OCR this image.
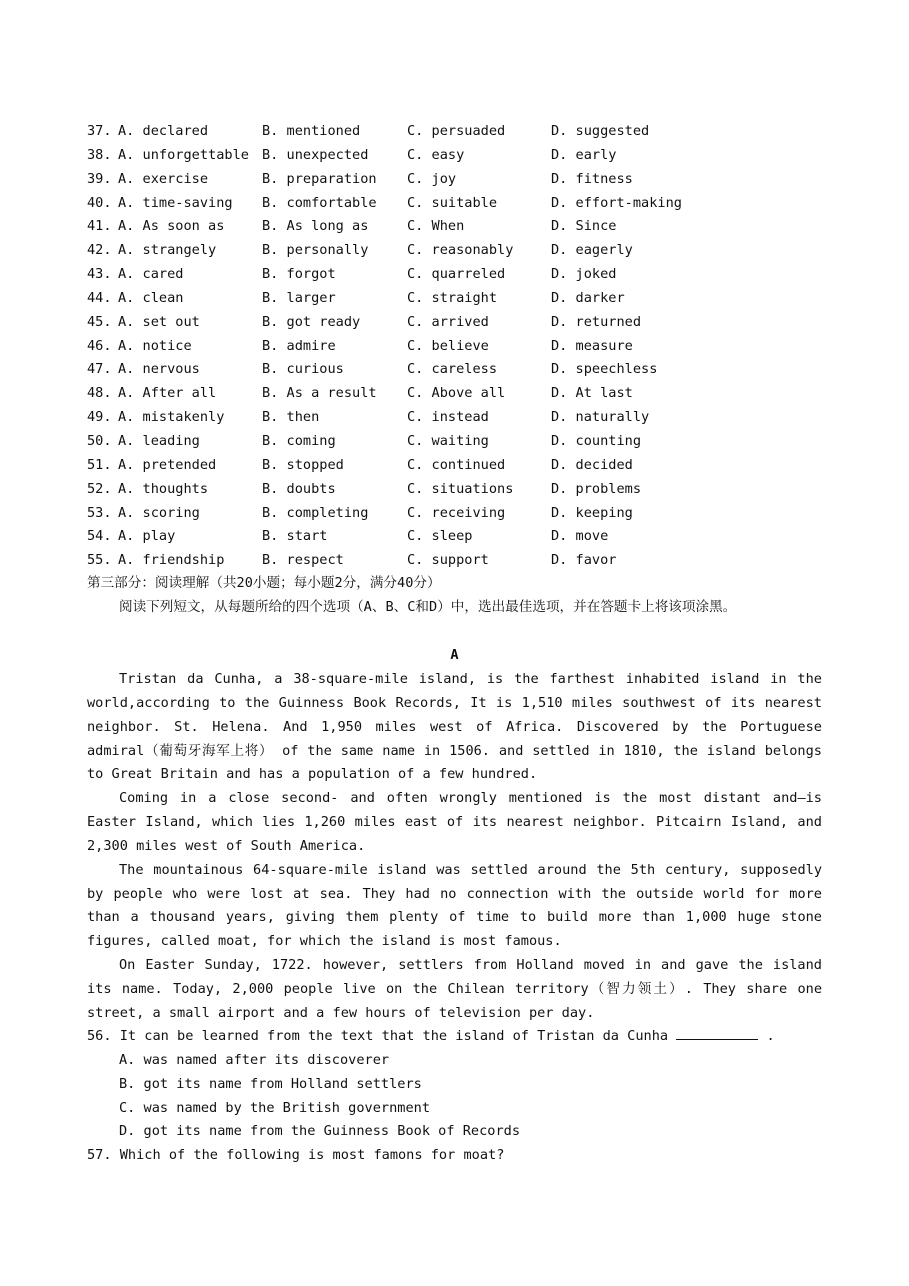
37. A. declared	B. mentioned	C. persuaded	D. suggested
38. A. unforgettable B. unexpected	C. easy	D. early
39. A. exercise	B. preparation C. joy	D. fitness
40. A. time-saving B. comfortable C. suitable	D. effort-making
41. A. As soon as	B. As long as	C. When	D. Since
42. A. strangely	B. personally	C. reasonably	D. eagerly
43. A. cared	B. forgot	C. quarreled	D. joked
44. A. clean	B. larger	C. straight	D. darker
45. A. set out	B. got ready	C. arrived	D. returned
46. A. notice	B. admire	C. believe	D. measure
47. A. nervous	B. curious	C. careless	D. speechless
48. A. After all	B. As a result C. Above all	D. At last
49. A. mistakenly	B. then	C. instead	D. naturally
50. A. leading	B. coming	C. waiting	D. counting
51. A. pretended	B. stopped	C. continued	D. decided
52. A. thoughts	B. doubts	C. situations	D. problems
53. A. scoring	B. completing	C. receiving	D. keeping
54. A. play	B. start	C. sleep	D. move
55. A. friendship	B. respect	C. support	D. favor
第三部分：阅读理解（共20小题；每小题2分，满分40分）
阅读下列短文，从每题所给的四个选项（A、B、C和D）中，选出最佳选项，并在答题卡上将该项涂黑。
A

Tristan da Cunha, a 38-square-mile island, is the farthest inhabited island in the world,according to the Guinness Book Records, It is 1,510 miles southwest of its nearest neighbor. St. Helena. And 1,950 miles west of Africa. Discovered by the Portuguese admiral（葡萄牙海军上将） of the same name in 1506. and settled in 1810, the island belongs to Great Britain and has a population of a few hundred.

Coming in a close second- and often wrongly mentioned is the most distant and—is Easter Island, which lies 1,260 miles east of its nearest neighbor. Pitcairn Island, and 2,300 miles west of South America.

The mountainous 64-square-mile island was settled around the 5th century, supposedly by people who were lost at sea. They had no connection with the outside world for more than a thousand years, giving them plenty of time to build more than 1,000 huge stone figures, called moat, for which the island is most famous.

On Easter Sunday, 1722. however, settlers from Holland moved in and gave the island its name. Today, 2,000 people live on the Chilean territory（智力领土）. They share one street, a small airport and a few hours of television per day.

56. It can be learned from the text that the island of Tristan da Cunha	.
A. was named after its discoverer
B. got its name from Holland settlers
C. was named by the British government
D. got its name from the Guinness Book of Records
57. Which of the following is most famons for moat?
